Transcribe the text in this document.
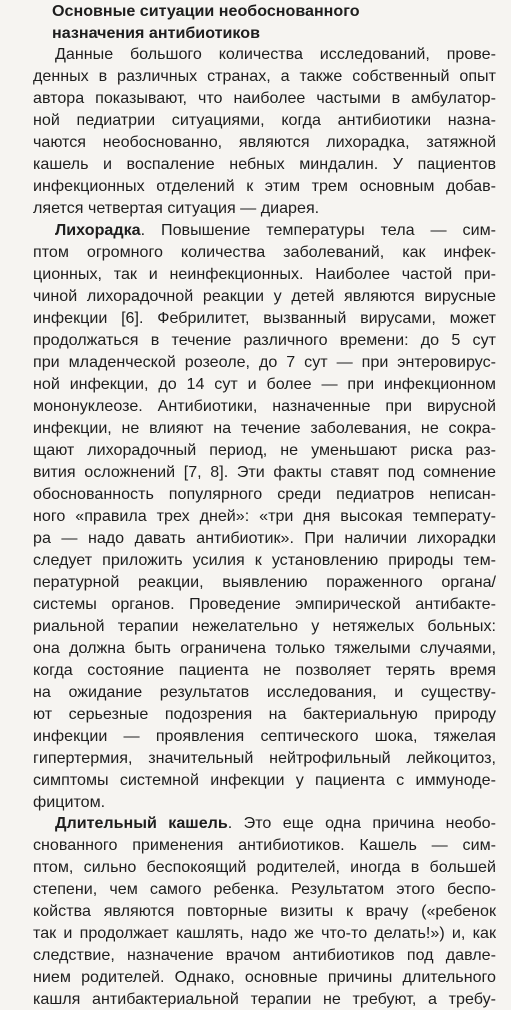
Основные ситуации необоснованного
назначения антибиотиков
Данные большого количества исследований, прове-
денных в различных странах, а также собственный опыт
автора показывают, что наиболее частыми в амбулатор-
ной педиатрии ситуациями, когда антибиотики назна-
чаются необоснованно, являются лихорадка, затяжной
кашель и воспаление небных миндалин. У пациентов
инфекционных отделений к этим трем основным добав-
ляется четвертая ситуация — диарея.
Лихорадка. Повышение температуры тела — сим-
птом огромного количества заболеваний, как инфек-
ционных, так и неинфекционных. Наиболее частой при-
чиной лихорадочной реакции у детей являются вирусные
инфекции [6]. Фебрилитет, вызванный вирусами, может
продолжаться в течение различного времени: до 5 сут
при младенческой розеоле, до 7 сут — при энтеровирус-
ной инфекции, до 14 сут и более — при инфекционном
мононуклеозе. Антибиотики, назначенные при вирусной
инфекции, не влияют на течение заболевания, не сокра-
щают лихорадочный период, не уменьшают риска раз-
вития осложнений [7, 8]. Эти факты ставят под сомнение
обоснованность популярного среди педиатров неписан-
ного «правила трех дней»: «три дня высокая температу-
ра — надо давать антибиотик». При наличии лихорадки
следует приложить усилия к установлению природы тем-
пературной реакции, выявлению пораженного органа/
системы органов. Проведение эмпирической антибакте-
риальной терапии нежелательно у нетяжелых больных:
она должна быть ограничена только тяжелыми случаями,
когда состояние пациента не позволяет терять время
на ожидание результатов исследования, и существу-
ют серьезные подозрения на бактериальную природу
инфекции — проявления септического шока, тяжелая
гипертермия, значительный нейтрофильный лейкоцитоз,
симптомы системной инфекции у пациента с иммуноде-
фицитом.
Длительный кашель. Это еще одна причина необо-
снованного применения антибиотиков. Кашель — сим-
птом, сильно беспокоящий родителей, иногда в большей
степени, чем самого ребенка. Результатом этого беспо-
койства являются повторные визиты к врачу («ребенок
так и продолжает кашлять, надо же что-то делать!») и, как
следствие, назначение врачом антибиотиков под давле-
нием родителей. Однако, основные причины длительного
кашля антибактериальной терапии не требуют, а требу-
